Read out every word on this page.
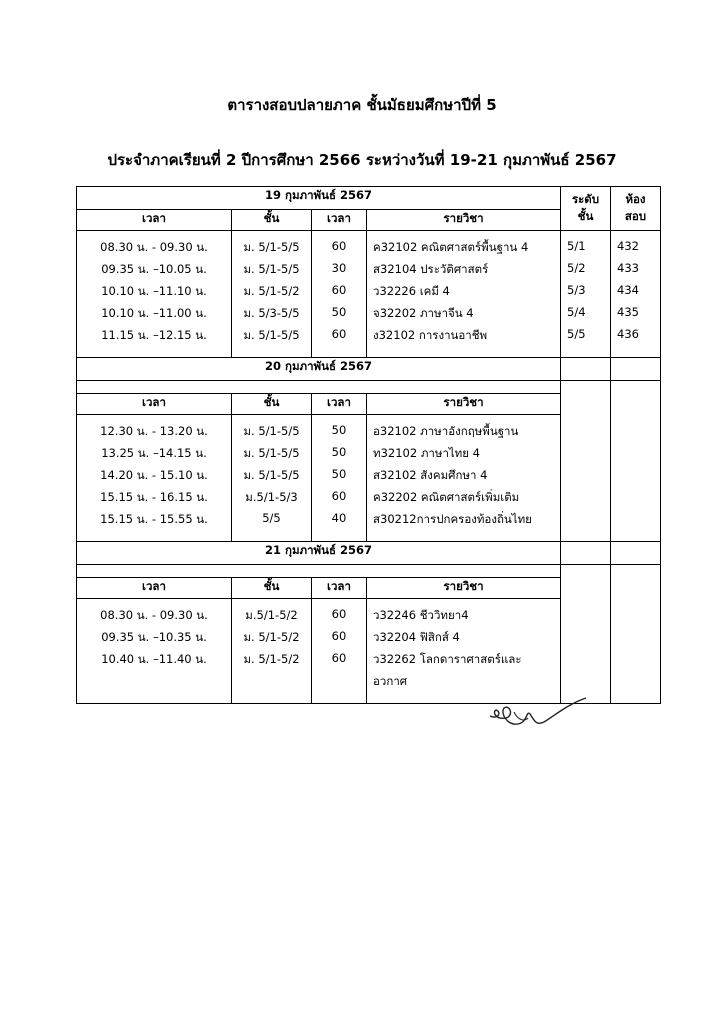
ตารางสอบปลายภาค ชั้นมัธยมศึกษาปีที่ 5
ประจำภาคเรียนที่ 2 ปีการศึกษา 2566 ระหว่างวันที่ 19-21 กุมภาพันธ์ 2567
19 กุมภาพันธ์ 2567				ระดับชั้น	ห้องสอบ
เวลา	ชั้น	เวลา	รายวิชา		

08.30 น. - 09.30 น.	ม. 5/1-5/5	60	ค32102 คณิตศาสตร์พื้นฐาน 4	5/1	432
09.35 น. –10.05 น.	ม. 5/1-5/5	30	ส32104 ประวัติศาสตร์	5/2	433
10.10 น. –11.10 น.	ม. 5/1-5/2	60	ว32226 เคมี 4	5/3	434
10.10 น. –11.00 น.	ม. 5/3-5/5	50	จ32202 ภาษาจีน 4	5/4	435
11.15 น. –12.15 น.	ม. 5/1-5/5	60	ง32102 การงานอาชีพ	5/5	436

20 กุมภาพันธ์ 2567					

เวลา	ชั้น	เวลา	รายวิชา		

12.30 น. - 13.20 น.	ม. 5/1-5/5	50	อ32102 ภาษาอังกฤษพื้นฐาน		
13.25 น. –14.15 น.	ม. 5/1-5/5	50	ท32102 ภาษาไทย 4		
14.20 น. - 15.10 น.	ม. 5/1-5/5	50	ส32102 สังคมศึกษา 4		
15.15 น. - 16.15 น.	ม.5/1-5/3	60	ค32202 คณิตศาสตร์เพิ่มเติม		
15.15 น. - 15.55 น.	5/5	40	ส30212การปกครองท้องถิ่นไทย		

21 กุมภาพันธ์ 2567					

เวลา	ชั้น	เวลา	รายวิชา		

08.30 น. - 09.30 น.	ม.5/1-5/2	60	ว32246 ชีววิทยา4		
09.35 น. –10.35 น.	ม. 5/1-5/2	60	ว32204 ฟิสิกส์ 4		
10.40 น. –11.40 น.	ม. 5/1-5/2	60	ว32262 โลกดาราศาสตร์และ		
			อวกาศ		
